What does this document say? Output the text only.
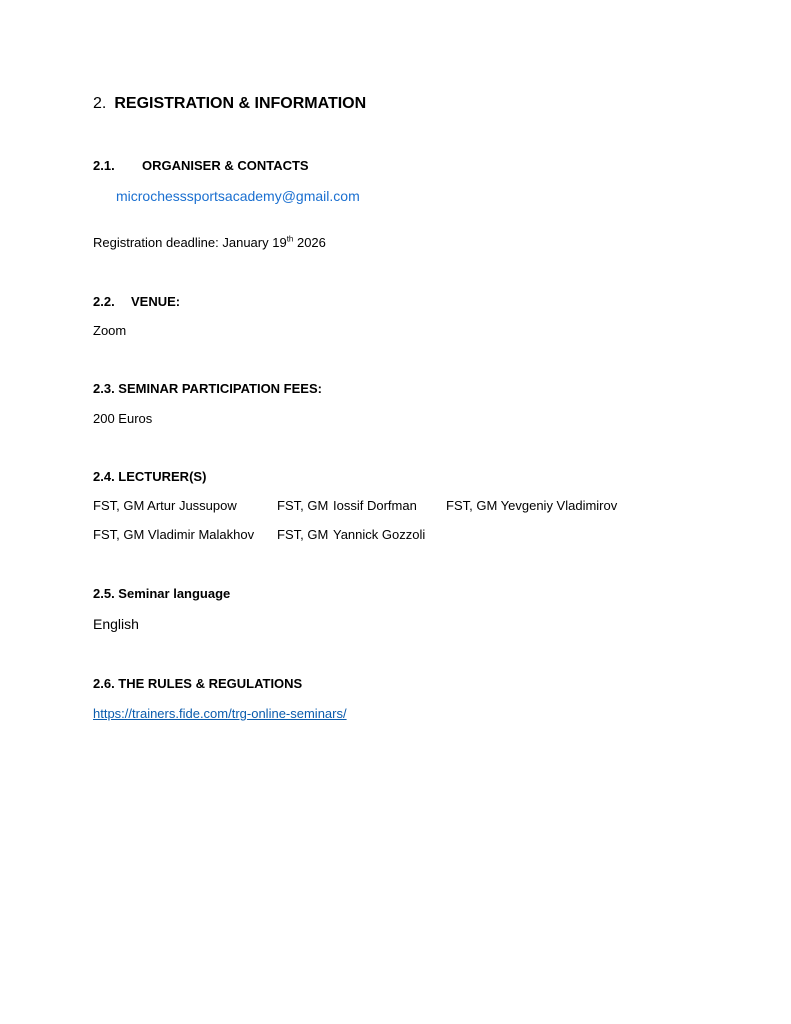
2. REGISTRATION & INFORMATION
2.1. ORGANISER & CONTACTS
microchesssportsacademy@gmail.com
Registration deadline: January 19th 2026
2.2. VENUE:
Zoom
2.3. SEMINAR PARTICIPATION FEES:
200 Euros
2.4. LECTURER(S)
FST, GM Artur Jussupow	FST, GM Iossif Dorfman FST, GM Yevgeniy Vladimirov
FST, GM Vladimir Malakhov FST, GM Yannick Gozzoli
2.5. Seminar language
English
2.6. THE RULES & REGULATIONS
https://trainers.fide.com/trg-online-seminars/
